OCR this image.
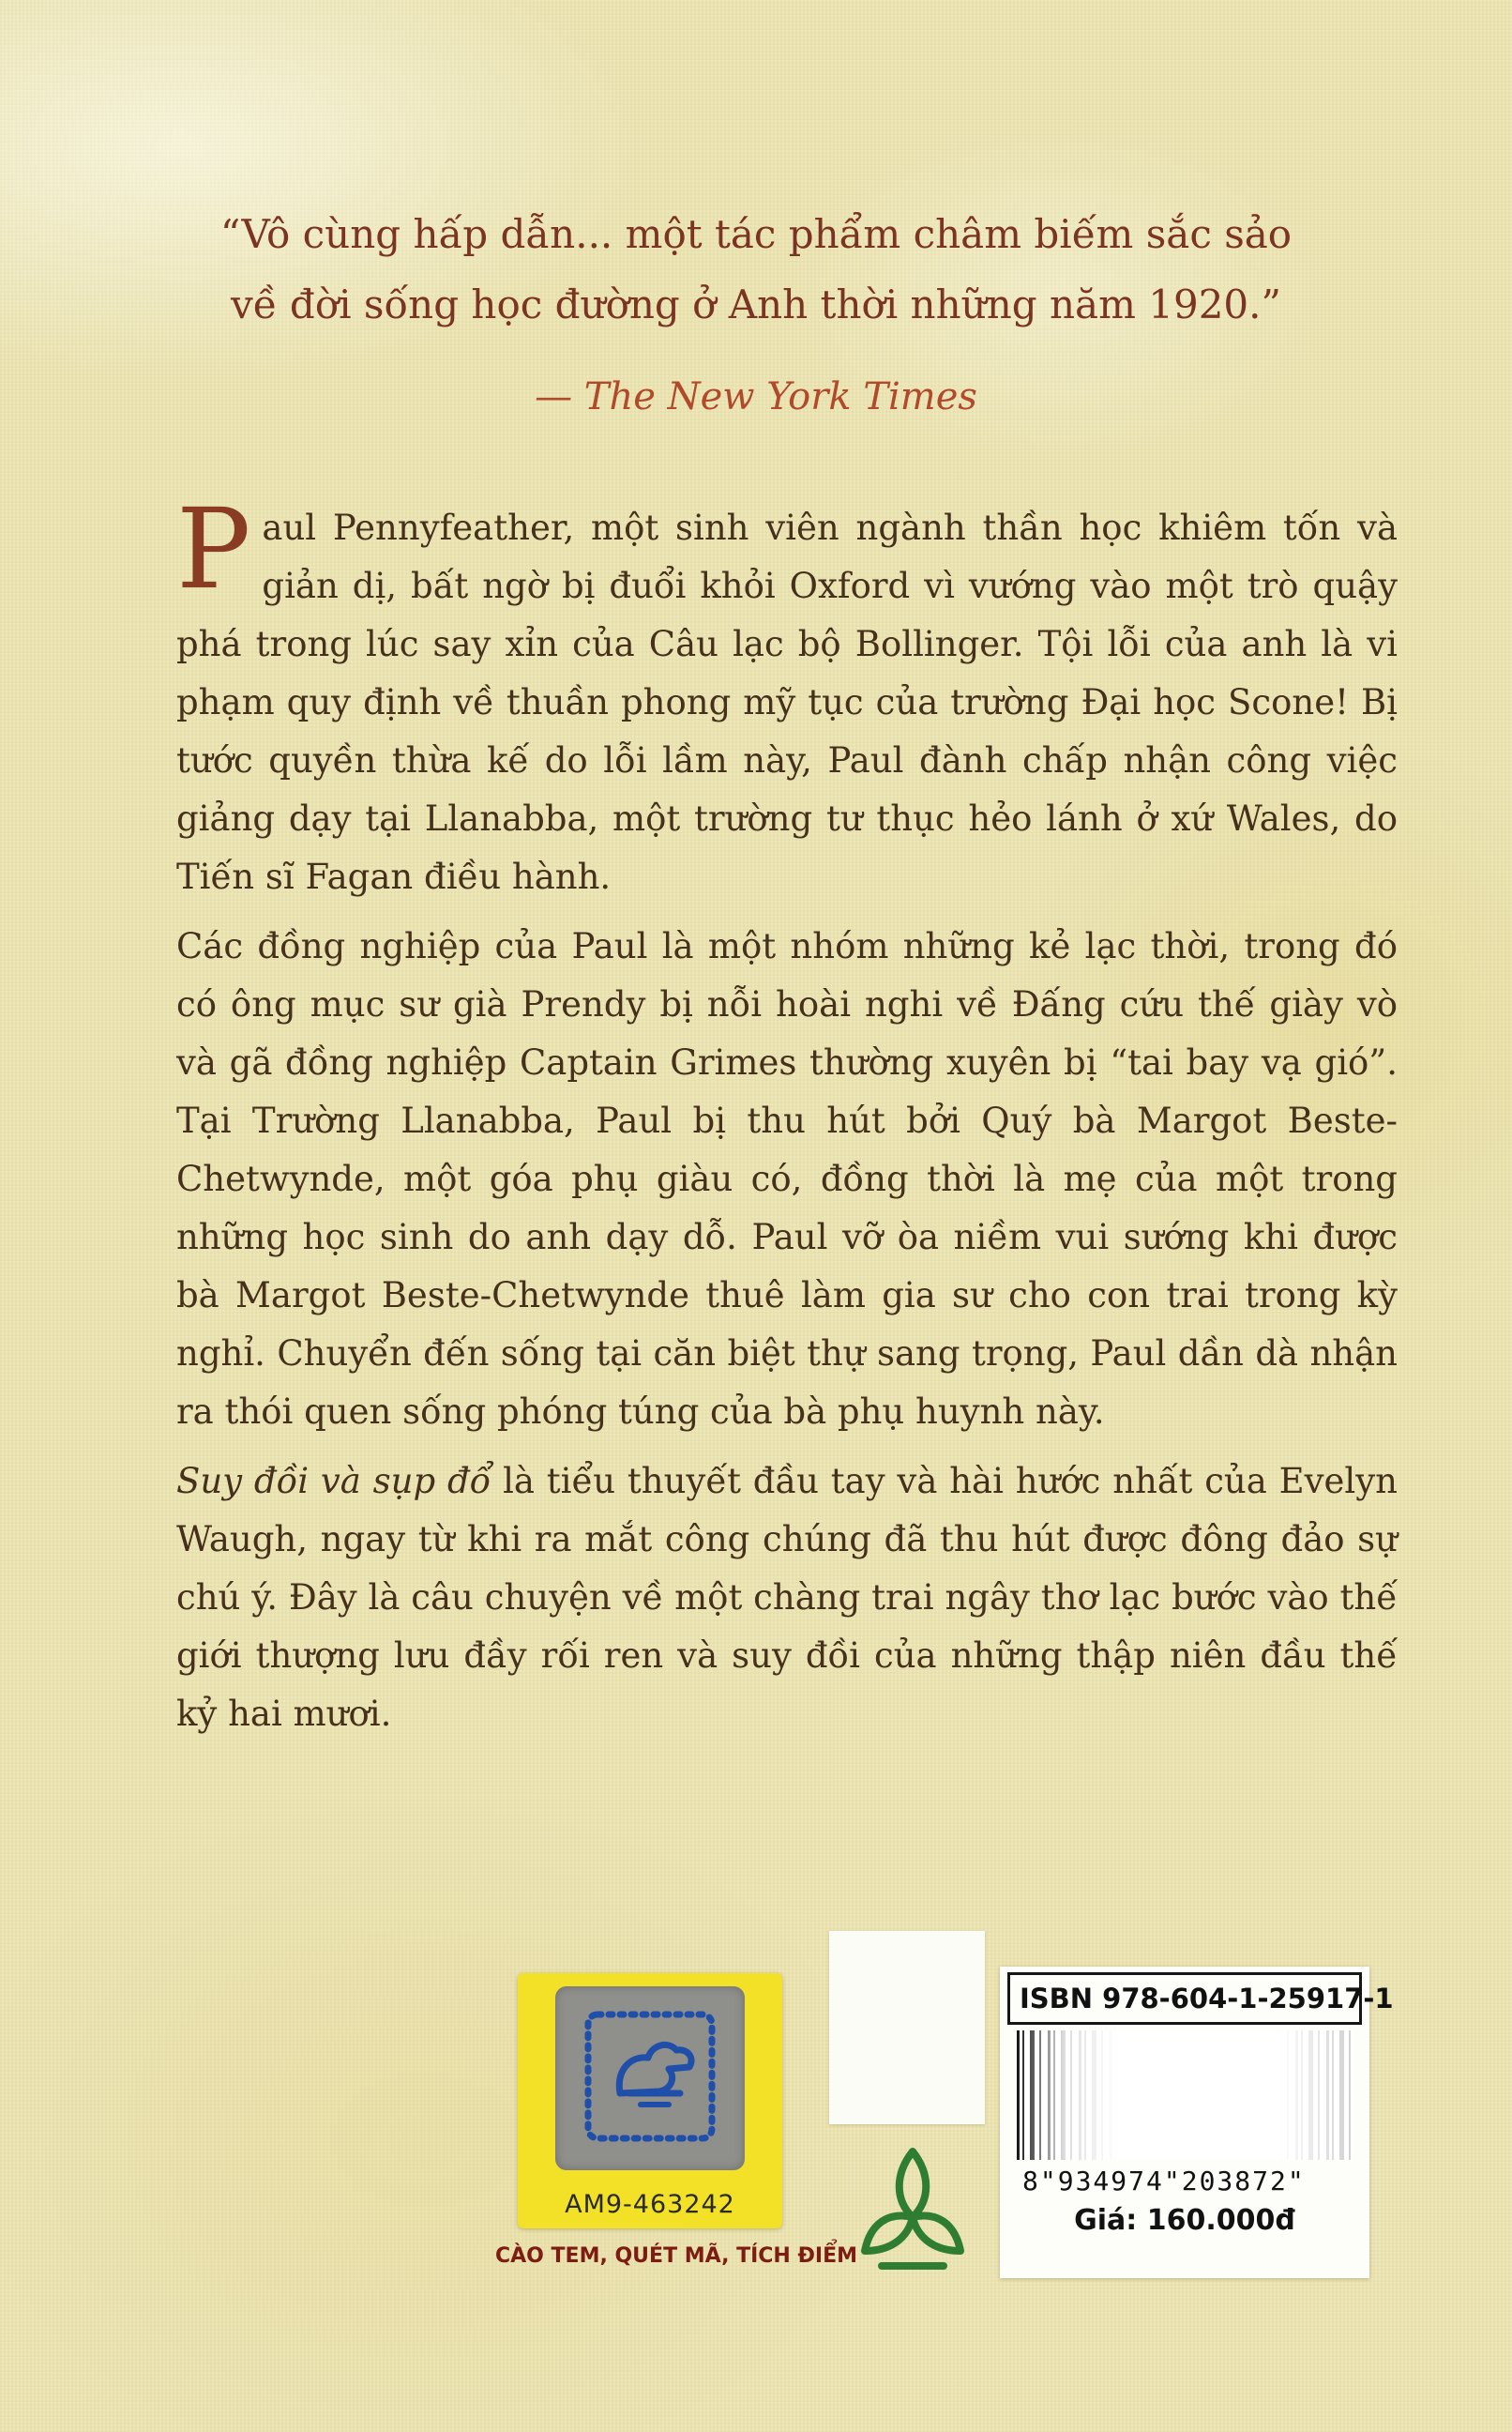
“Vô cùng hấp dẫn... một tác phẩm châm biếm sắc sảo
về đời sống học đường ở Anh thời những năm 1920.”
— The New York Times

Paul Pennyfeather, một sinh viên ngành thần học khiêm tốn và giản dị, bất ngờ bị đuổi khỏi Oxford vì vướng vào một trò quậy phá trong lúc say xỉn của Câu lạc bộ Bollinger. Tội lỗi của anh là vi phạm quy định về thuần phong mỹ tục của trường Đại học Scone! Bị tước quyền thừa kế do lỗi lầm này, Paul đành chấp nhận công việc giảng dạy tại Llanabba, một trường tư thục hẻo lánh ở xứ Wales, do Tiến sĩ Fagan điều hành.

Các đồng nghiệp của Paul là một nhóm những kẻ lạc thời, trong đó có ông mục sư già Prendy bị nỗi hoài nghi về Đấng cứu thế giày vò và gã đồng nghiệp Captain Grimes thường xuyên bị “tai bay vạ gió”. Tại Trường Llanabba, Paul bị thu hút bởi Quý bà Margot Beste-Chetwynde, một góa phụ giàu có, đồng thời là mẹ của một trong những học sinh do anh dạy dỗ. Paul vỡ òa niềm vui sướng khi được bà Margot Beste-Chetwynde thuê làm gia sư cho con trai trong kỳ nghỉ. Chuyển đến sống tại căn biệt thự sang trọng, Paul dần dà nhận ra thói quen sống phóng túng của bà phụ huynh này.

Suy đồi và sụp đổ là tiểu thuyết đầu tay và hài hước nhất của Evelyn Waugh, ngay từ khi ra mắt công chúng đã thu hút được đông đảo sự chú ý. Đây là câu chuyện về một chàng trai ngây thơ lạc bước vào thế giới thượng lưu đầy rối ren và suy đồi của những thập niên đầu thế kỷ hai mươi.

AM9-463242
CÀO TEM, QUÉT MÃ, TÍCH ĐIỂM
ISBN 978-604-1-25917-1
8"934974"203872"
Giá: 160.000đ
